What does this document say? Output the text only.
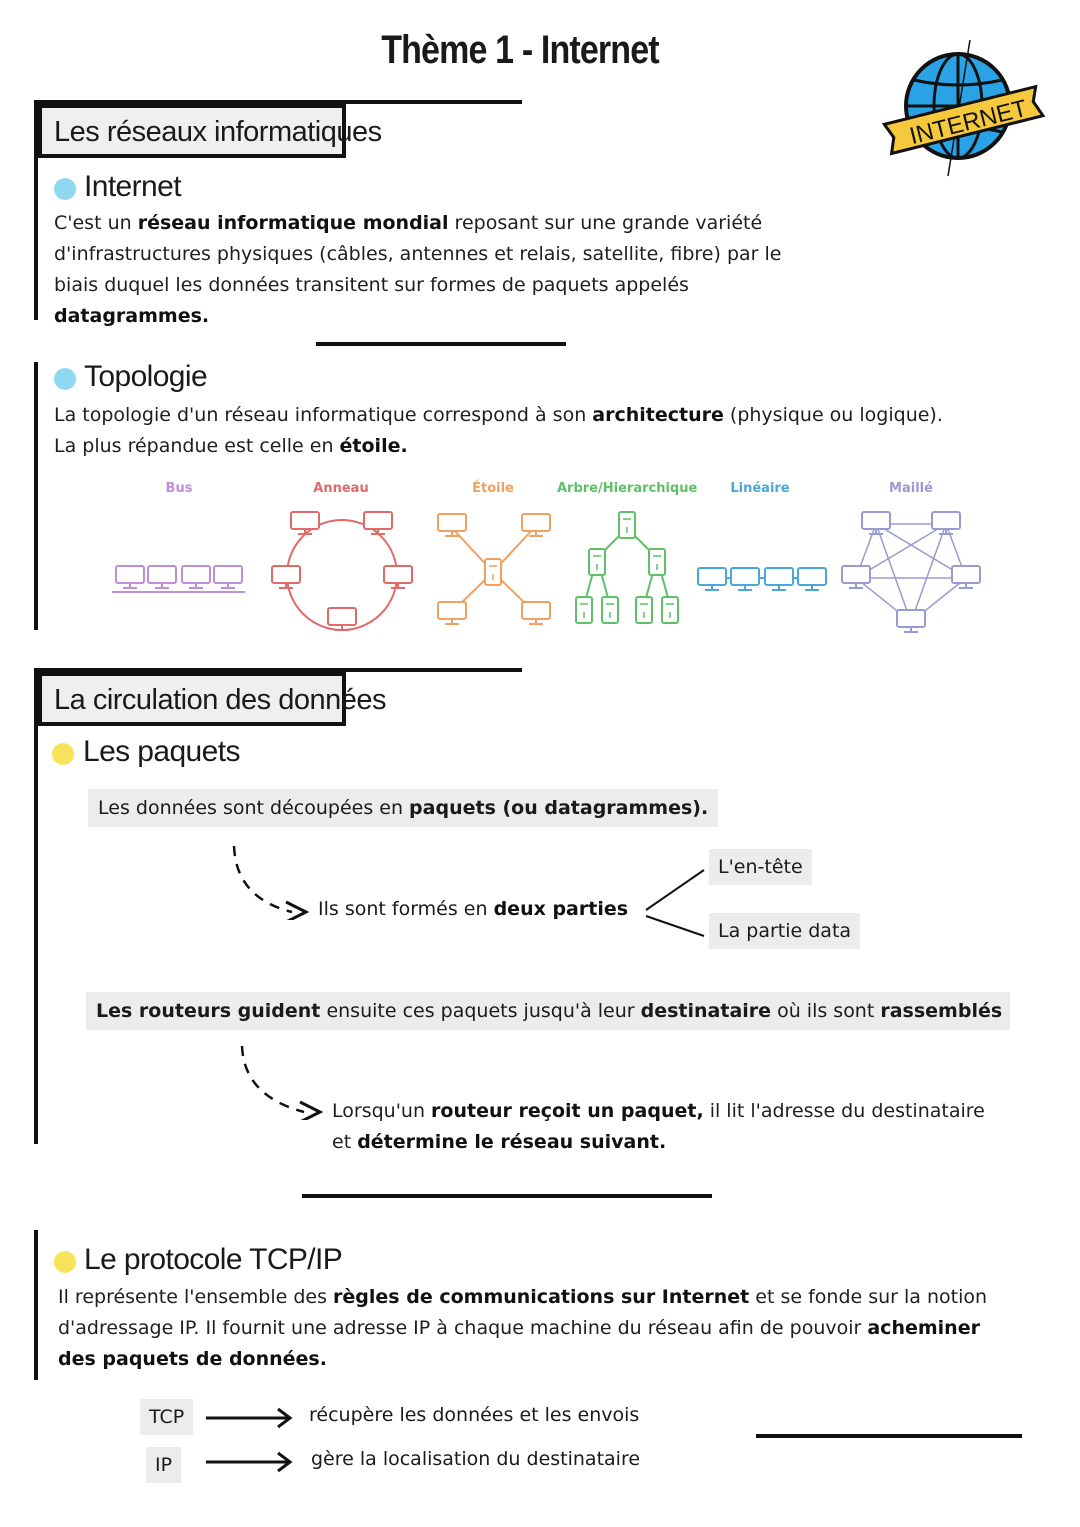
Thème 1 - Internet
INTERNET
Les réseaux informatiques
Internet
C'est un réseau informatique mondial reposant sur une grande variété
d'infrastructures physiques (câbles, antennes et relais, satellite, fibre) par le
biais duquel les données transitent sur formes de paquets appelés
datagrammes.
Topologie
La topologie d'un réseau informatique correspond à son architecture (physique ou logique).
La plus répandue est celle en étoile.
Bus	Anneau	Étoile	Arbre/Hierarchique	Linéaire	Maillé
La circulation des données
Les paquets
Les données sont découpées en paquets (ou datagrammes).
Ils sont formés en deux parties
L'en-tête
La partie data
Les routeurs guident ensuite ces paquets jusqu'à leur destinataire où ils sont rassemblés
Lorsqu'un routeur reçoit un paquet, il lit l'adresse du destinataire
et détermine le réseau suivant.
Le protocole TCP/IP
Il représente l'ensemble des règles de communications sur Internet et se fonde sur la notion
d'adressage IP. Il fournit une adresse IP à chaque machine du réseau afin de pouvoir acheminer
des paquets de données.
TCP	récupère les données et les envois
IP	gère la localisation du destinataire
